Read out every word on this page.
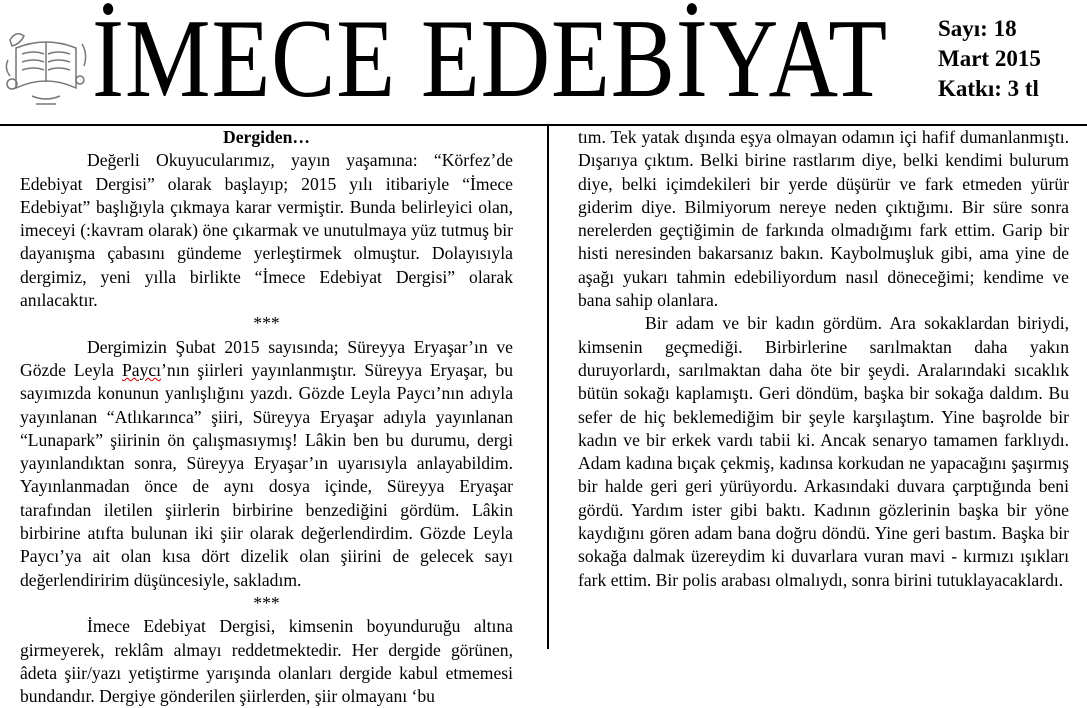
İMECE EDEBİYAT Sayı: 18
Mart 2015
Katkı: 3 tl

Dergiden…

Değerli Okuyucularımız, yayın yaşamına: “Körfez’de Edebiyat Dergisi” olarak başlayıp; 2015 yılı itibariyle “İmece Edebiyat” başlığıyla çıkmaya karar vermiştir. Bunda belirleyici olan, imeceyi (:kavram olarak) öne çıkarmak ve unutulmaya yüz tutmuş bir dayanışma çabasını gündeme yerleştirmek olmuştur. Dolayısıyla dergimiz, yeni yılla birlikte “İmece Edebiyat Dergisi” olarak anılacaktır.

***

Dergimizin Şubat 2015 sayısında; Süreyya Eryaşar’ın ve Gözde Leyla Paycı’nın şiirleri yayınlanmıştır. Süreyya Eryaşar, bu sayımızda konunun yanlışlığını yazdı. Gözde Leyla Paycı’nın adıyla yayınlanan “Atlıkarınca” şiiri, Süreyya Eryaşar adıyla yayınlanan “Lunapark” şiirinin ön çalışmasıymış! Lâkin ben bu durumu, dergi yayınlandıktan sonra, Süreyya Eryaşar’ın uyarısıyla anlayabildim. Yayınlanmadan önce de aynı dosya içinde, Süreyya Eryaşar tarafından iletilen şiirlerin birbirine benzediğini gördüm. Lâkin birbirine atıfta bulunan iki şiir olarak değerlendirdim. Gözde Leyla Paycı’ya ait olan kısa dört dizelik olan şiirini de gelecek sayı değerlendiririm düşüncesiyle, sakladım.

***

İmece Edebiyat Dergisi, kimsenin boyunduruğu altına girmeyerek, reklâm almayı reddetmektedir. Her dergide görünen, âdeta şiir/yazı yetiştirme yarışında olanları dergide kabul etmemesi bundandır. Dergiye gönderilen şiirlerden, şiir olmayanı ‘bu

tım. Tek yatak dışında eşya olmayan odamın içi hafif dumanlanmıştı. Dışarıya çıktım. Belki birine rastlarım diye, belki kendimi bulurum diye, belki içimdekileri bir yerde düşürür ve fark etmeden yürür giderim diye. Bilmiyorum nereye neden çıktığımı. Bir süre sonra nerelerden geçtiğimin de farkında olmadığımı fark ettim. Garip bir histi neresinden bakarsanız bakın. Kaybolmuşluk gibi, ama yine de aşağı yukarı tahmin edebiliyordum nasıl döneceğimi; kendime ve bana sahip olanlara.

Bir adam ve bir kadın gördüm. Ara sokaklardan biriydi, kimsenin geçmediği. Birbirlerine sarılmaktan daha yakın duruyorlardı, sarılmaktan daha öte bir şeydi. Aralarındaki sıcaklık bütün sokağı kaplamıştı. Geri döndüm, başka bir sokağa daldım. Bu sefer de hiç beklemediğim bir şeyle karşılaştım. Yine başrolde bir kadın ve bir erkek vardı tabii ki. Ancak senaryo tamamen farklıydı. Adam kadına bıçak çekmiş, kadınsa korkudan ne yapacağını şaşırmış bir halde geri geri yürüyordu. Arkasındaki duvara çarptığında beni gördü. Yardım ister gibi baktı. Kadının gözlerinin başka bir yöne kaydığını gören adam bana doğru döndü. Yine geri bastım. Başka bir sokağa dalmak üzereydim ki duvarlara vuran mavi - kırmızı ışıkları fark ettim. Bir polis arabası olmalıydı, sonra birini tutuklayacaklardı.
